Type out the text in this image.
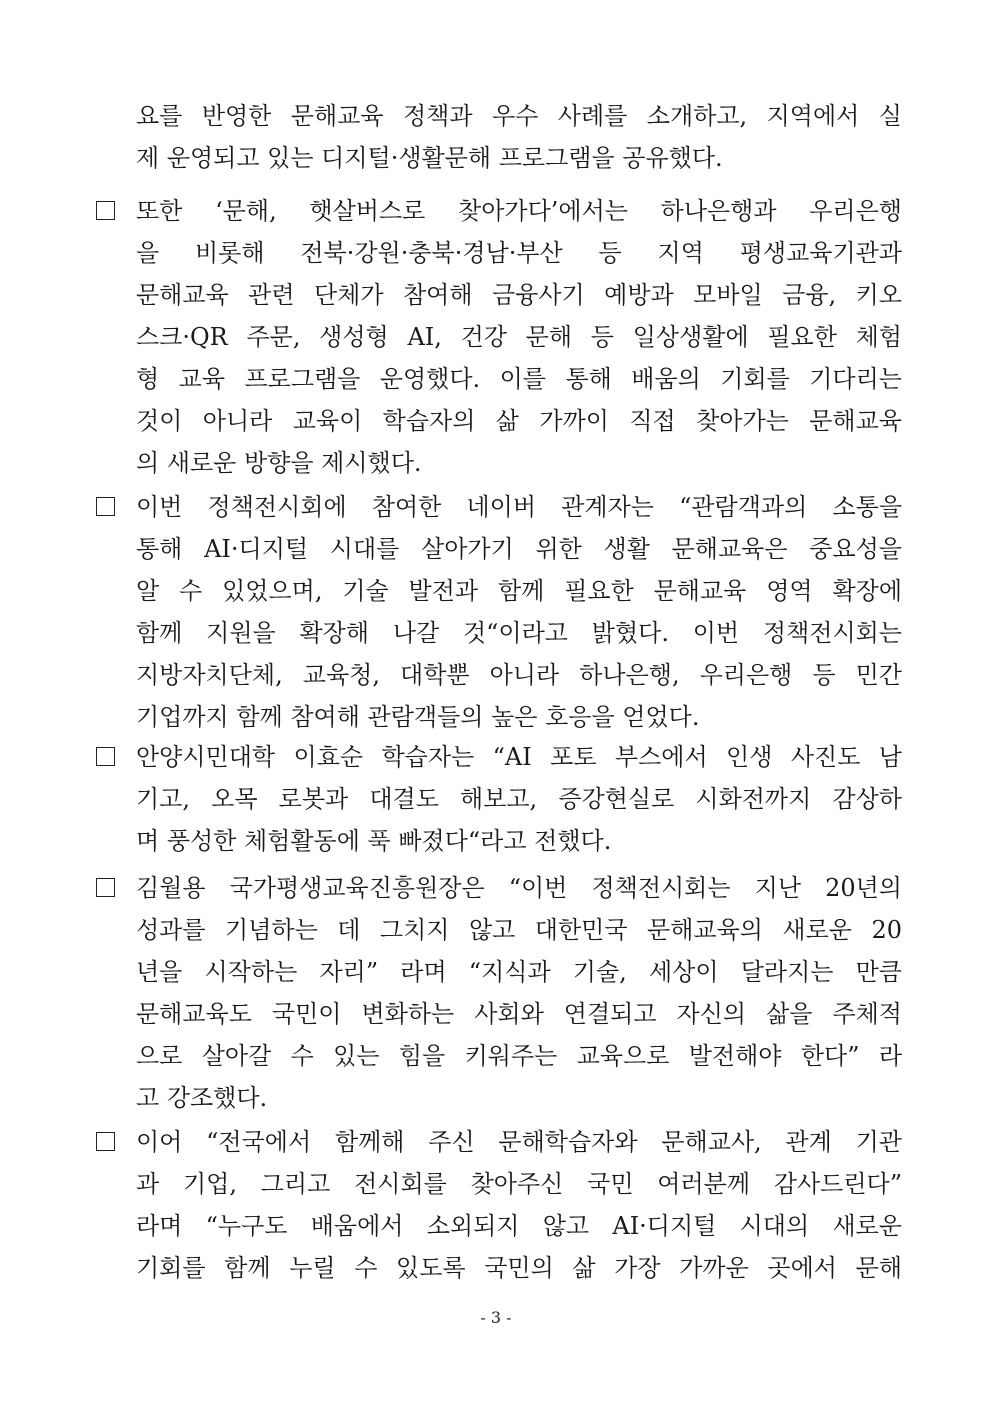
요를 반영한 문해교육 정책과 우수 사례를 소개하고, 지역에서 실
제 운영되고 있는 디지털·생활문해 프로그램을 공유했다.
또한 ‘문해, 햇살버스로 찾아가다’에서는 하나은행과 우리은행
을 비롯해 전북·강원·충북·경남·부산 등 지역 평생교육기관과
문해교육 관련 단체가 참여해 금융사기 예방과 모바일 금융, 키오
스크·QR 주문, 생성형 AI, 건강 문해 등 일상생활에 필요한 체험
형 교육 프로그램을 운영했다. 이를 통해 배움의 기회를 기다리는
것이 아니라 교육이 학습자의 삶 가까이 직접 찾아가는 문해교육
의 새로운 방향을 제시했다.
이번 정책전시회에 참여한 네이버 관계자는 “관람객과의 소통을
통해 AI·디지털 시대를 살아가기 위한 생활 문해교육은 중요성을
알 수 있었으며, 기술 발전과 함께 필요한 문해교육 영역 확장에
함께 지원을 확장해 나갈 것“이라고 밝혔다. 이번 정책전시회는
지방자치단체, 교육청, 대학뿐 아니라 하나은행, 우리은행 등 민간
기업까지 함께 참여해 관람객들의 높은 호응을 얻었다.
안양시민대학 이효순 학습자는 “AI 포토 부스에서 인생 사진도 남
기고, 오목 로봇과 대결도 해보고, 증강현실로 시화전까지 감상하
며 풍성한 체험활동에 푹 빠졌다“라고 전했다.
김월용 국가평생교육진흥원장은 “이번 정책전시회는 지난 20년의
성과를 기념하는 데 그치지 않고 대한민국 문해교육의 새로운 20
년을 시작하는 자리” 라며 “지식과 기술, 세상이 달라지는 만큼
문해교육도 국민이 변화하는 사회와 연결되고 자신의 삶을 주체적
으로 살아갈 수 있는 힘을 키워주는 교육으로 발전해야 한다” 라
고 강조했다.
이어 “전국에서 함께해 주신 문해학습자와 문해교사, 관계 기관
과 기업, 그리고 전시회를 찾아주신 국민 여러분께 감사드린다”
라며 “누구도 배움에서 소외되지 않고 AI·디지털 시대의 새로운
기회를 함께 누릴 수 있도록 국민의 삶 가장 가까운 곳에서 문해
- 3 -
